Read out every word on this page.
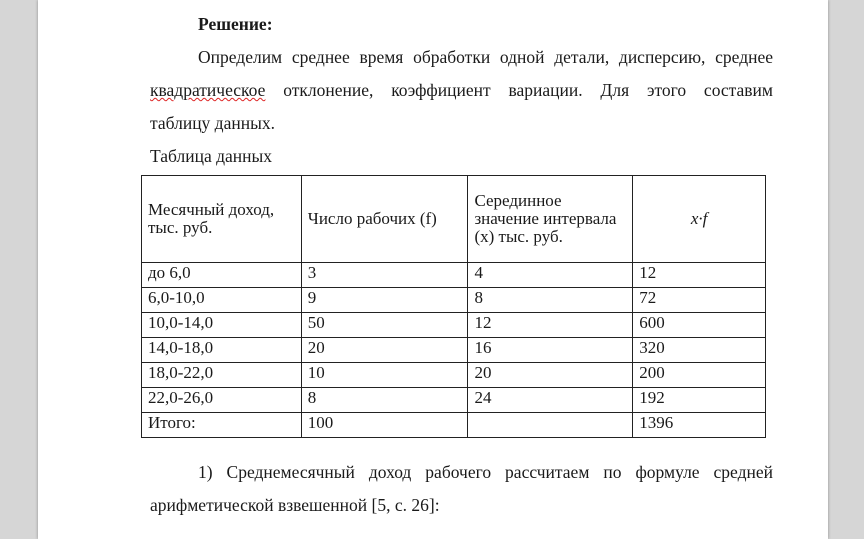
Решение:
Определим среднее время обработки одной детали, дисперсию, среднее
квадратическое отклонение, коэффициент вариации. Для этого составим
таблицу данных.
Таблица данных
Месячный доход, тыс. руб.	Число рабочих (f)	Серединное значение интервала (x) тыс. руб.	x·f
до 6,0	3	4	12
6,0-10,0	9	8	72
10,0-14,0	50	12	600
14,0-18,0	20	16	320
18,0-22,0	10	20	200
22,0-26,0	8	24	192
Итого:	100		1396
1) Среднемесячный доход рабочего рассчитаем по формуле средней
арифметической взвешенной [5, с. 26]:
